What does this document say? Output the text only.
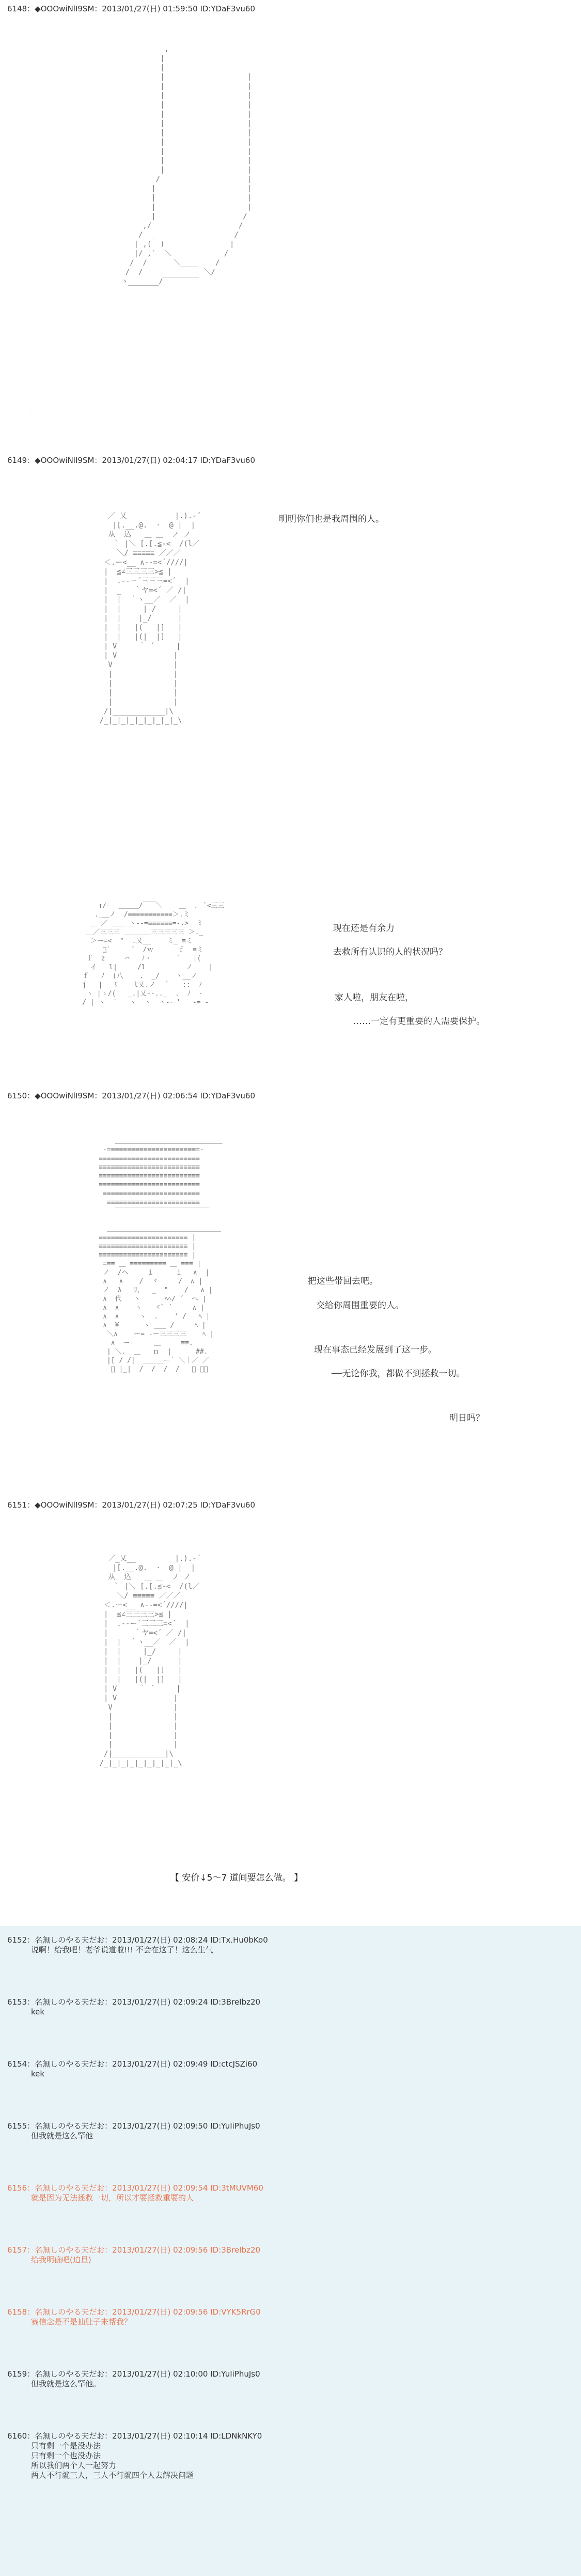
6148：◆OOOwiNlI9SM：2013/01/27(日) 01:59:50 ID:YDaF3vu60
,
|
|
|                   |
|                   |
|                   |
|                   |
|                   |
|                   |
|                   |
|                   |
|                   |
|                   |
|                   |
/                    |
|                     |
|                     |
|                     |
|                    /
,/                    /
/  _                  /
| ,(  )               |
|/ ,′  ＼            /
/  /      ＼____    /
/  /              ＼/
ゝ_______/￣￣￣￣￣
.
6149：◆OOOwiNlI9SM：2013/01/27(日) 02:04:17 ID:YDaF3vu60
／_乂__         |.).‐´
|[.__.@.  ·  @ |  |
从  込   ＿ ＿  ノ ノ
｀ |＼ [.[.≦-<  /(l／
＼/ ≡≡≡≡≡ ／／／
＜.ー<__ ∧--=<´////|
|  ≦∠三三三三>≦ |
|  .--ー´三三三=<´  |
|  _   ｀ヤ=<´ ／ /|
|  |  ｀ヽ__／  ／  |
|  |     |_/     |
|  |    |_/      |
|  |   |(   |]   |
|  |   |(|  |]   |
| V     ｀ ´     |
| V             |
V              |
|              |
|              |
|              |
|              |
/|____________|\
/_|_|_|_|_|_|_|_|_\
明明你们也是我周围的人。
↑/‐  ＿＿＿/￣￣＼    ＿  .  ﾞ<三三
._＿ノ  /≡≡≡≡≡≡≡≡≡≡≡＞.ミ
＿ ／ ＿＿ ヽ--=≡≡≡≡≡≡=-.>  ミ
＿／三三三 ＿＿＿＿三三三三三 ＞._
＞ー=<  " ̄ ̄.乂__    ミ_ ≡ミ
ﾞ′     ´  /ｗ      ｆ  ≡ミ
ｆ  z     ⌒   ﾉヽ       ﾞ   |(
イ   l|     /l          ノ    |
ｆ   ﾉ  (八    .  _/    ヽ__ノ
j   |   ﾘ    l乂.ノ  ｀   ::  ﾉ
ヽ |ゝ/(   _.|乂-‐.._  .  ﾉ  -
/ | ヽ  `   ヽ  ヽ  ヽ‐ー'   -= -
现在还是有余力
去救所有认识的人的状况吗？
家人啦，朋友在啦，
……一定有更重要的人需要保护。
6150：◆OOOwiNlI9SM：2013/01/27(日) 02:06:54 ID:YDaF3vu60
＿＿＿＿＿＿＿＿＿＿＿＿＿＿＿＿
-=≡≡≡≡≡≡≡≡≡≡≡≡≡≡≡≡≡≡≡≡≡=-
≡≡≡≡≡≡≡≡≡≡≡≡≡≡≡≡≡≡≡≡≡≡≡≡≡
≡≡≡≡≡≡≡≡≡≡≡≡≡≡≡≡≡≡≡≡≡≡≡≡≡
≡≡≡≡≡≡≡≡≡≡≡≡≡≡≡≡≡≡≡≡≡≡≡≡≡
≡≡≡≡≡≡≡≡≡≡≡≡≡≡≡≡≡≡≡≡≡≡≡≡≡
≡≡≡≡≡≡≡≡≡≡≡≡≡≡≡≡≡≡≡≡≡≡≡≡
≡≡≡≡≡≡≡≡≡≡≡≡≡≡≡≡≡≡≡≡≡≡≡
￣￣￣￣￣￣￣￣￣￣￣￣￣￣

＿＿＿＿＿＿＿＿＿＿＿＿＿＿＿＿＿
≡≡≡≡≡≡≡≡≡≡≡≡≡≡≡≡≡≡≡≡≡≡ |
≡≡≡≡≡≡≡≡≡≡≡≡≡≡≡≡≡≡≡≡≡≡ |
≡≡≡≡≡≡≡≡≡≡≡≡≡≡≡≡≡≡≡≡≡≡ |
=≡≡ ＿ ≡≡≡≡≡≡≡≡≡ ＿ ≡≡≡ |
ノ  /ヘ     i      i   ∧  |
∧   ∧    /  ヾ     /  ∧ |
ノ  λ   ﾘ、  _  "    /   ∧ |
∧  代   ヽ      ﾍﾍ/ ´  ヘ |
∧  ∧    ヽ   ヾﾞ ´     ∧ |
∧  ∧     ヽ  .    ' /   ﾍ |
∧  ¥      ヽ ___ /     ﾍ |
＼∧    ー= ‐ー三三三三    ﾍ |
∧  ー‐     ＿     ≡≡.
| ＼.  ＿   ｎ  |      ##.
|[ / /|  ＿＿＿ー´ ＼｜／ ／
ﾞ |_|  /  /  /  /   ／ ／＼
把这些带回去吧。
交给你周围重要的人。
现在事态已经发展到了这一步。
──无论你我，都做不到拯救一切。
明日吗？
6151：◆OOOwiNlI9SM：2013/01/27(日) 02:07:25 ID:YDaF3vu60
／_乂__         |.).‐´
|[.__.@.  ·  @ |  |
从  込   ＿ ＿  ノ ノ
｀ |＼ [.[.≦-<  /(l／
＼/ ≡≡≡≡≡ ／／／
＜.ー<__ ∧--=<´////|
|  ≦∠三三三三>≦ |
|  .--ー´三三三=<´  |
|  _   ｀ヤ=<´ ／ /|
|  |  ｀ヽ__／  ／  |
|  |     |_/     |
|  |    |_/      |
|  |   |(   |]   |
|  |   |(|  |]   |
| V     ｀ ´     |
| V             |
V              |
|              |
|              |
|              |
|              |
/|____________|\
/_|_|_|_|_|_|_|_|_\
【 安价↓5～7 道间要怎么做。 】
6152：名無しのやる夫だお：2013/01/27(日) 02:08:24 ID:Tx.Hu0bKo0
说啊！给我吧！老爷说道啦!!! 不会在这了！这么生气
6153：名無しのやる夫だお：2013/01/27(日) 02:09:24 ID:3BreIbz20
kek
6154：名無しのやる夫だお：2013/01/27(日) 02:09:49 ID:ctcJSZi60
kek
6155：名無しのやる夫だお：2013/01/27(日) 02:09:50 ID:YuIiPhuJs0
但我就是这么罕他
6156：名無しのやる夫だお：2013/01/27(日) 02:09:54 ID:3tMUVM60
就是因为无法拯救一切，所以才要拯救重要的人
6157：名無しのやる夫だお：2013/01/27(日) 02:09:56 ID:3BreIbz20
给我明确吧(迫旦)
6158：名無しのやる夫だお：2013/01/27(日) 02:09:56 ID:VYK5RrG0
赛信念是不是抽肚子来帮我？
6159：名無しのやる夫だお：2013/01/27(日) 02:10:00 ID:YuIiPhuJs0
但我就是这么罕他。
6160：名無しのやる夫だお：2013/01/27(日) 02:10:14 ID:LDNkNKY0
只有剩一个是没办法
只有剩一个也没办法
所以我们两个人一起努力
两人不行就三人，三人不行就四个人去解决问题
